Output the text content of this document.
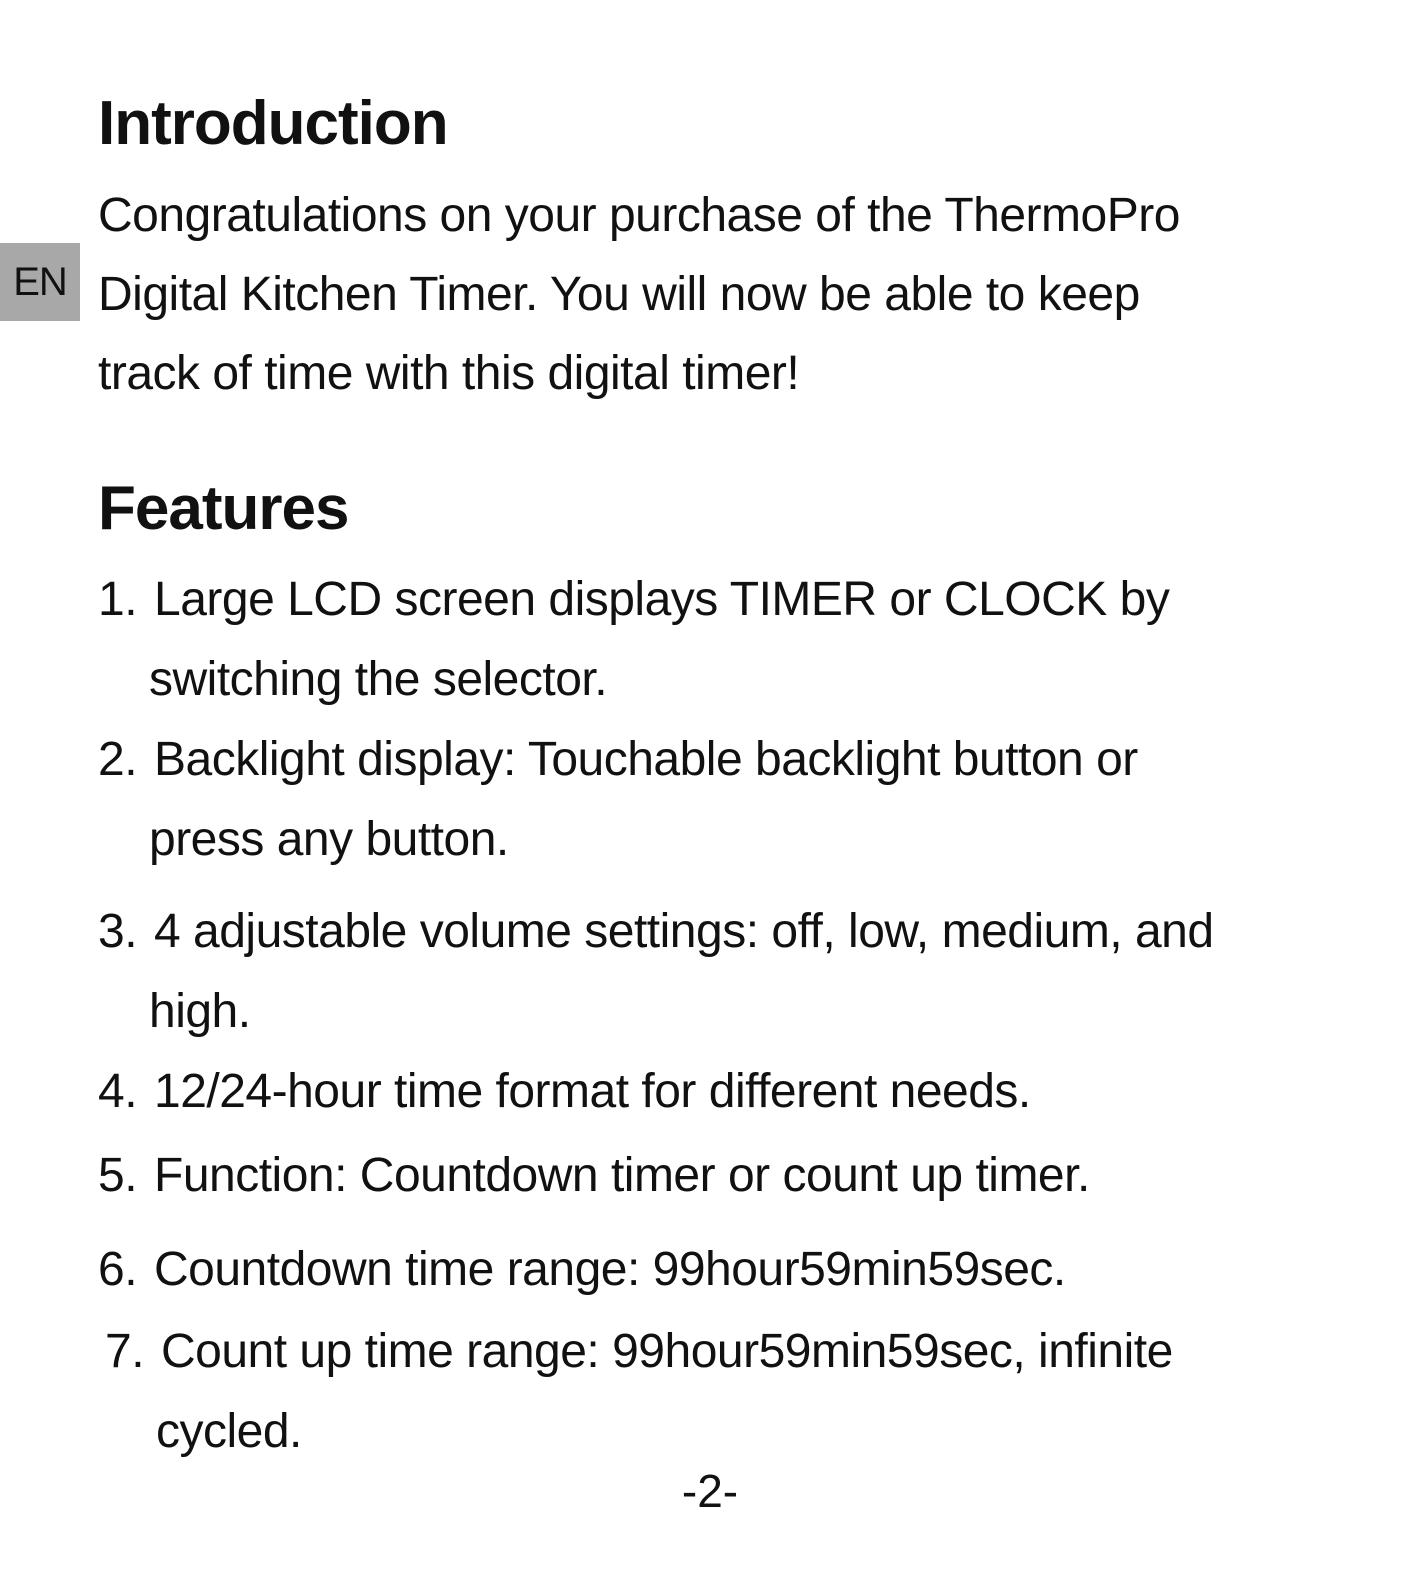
EN
Introduction
Congratulations on your purchase of the ThermoPro
Digital Kitchen Timer. You will now be able to keep
track of time with this digital timer!
Features
1. Large LCD screen displays TIMER or CLOCK by
switching the selector.
2. Backlight display: Touchable backlight button or
press any button.
3. 4 adjustable volume settings: off, low, medium, and
high.
4. 12/24-hour time format for different needs.
5. Function: Countdown timer or count up timer.
6. Countdown time range: 99hour59min59sec.
7. Count up time range: 99hour59min59sec, infinite
cycled.
-2-
